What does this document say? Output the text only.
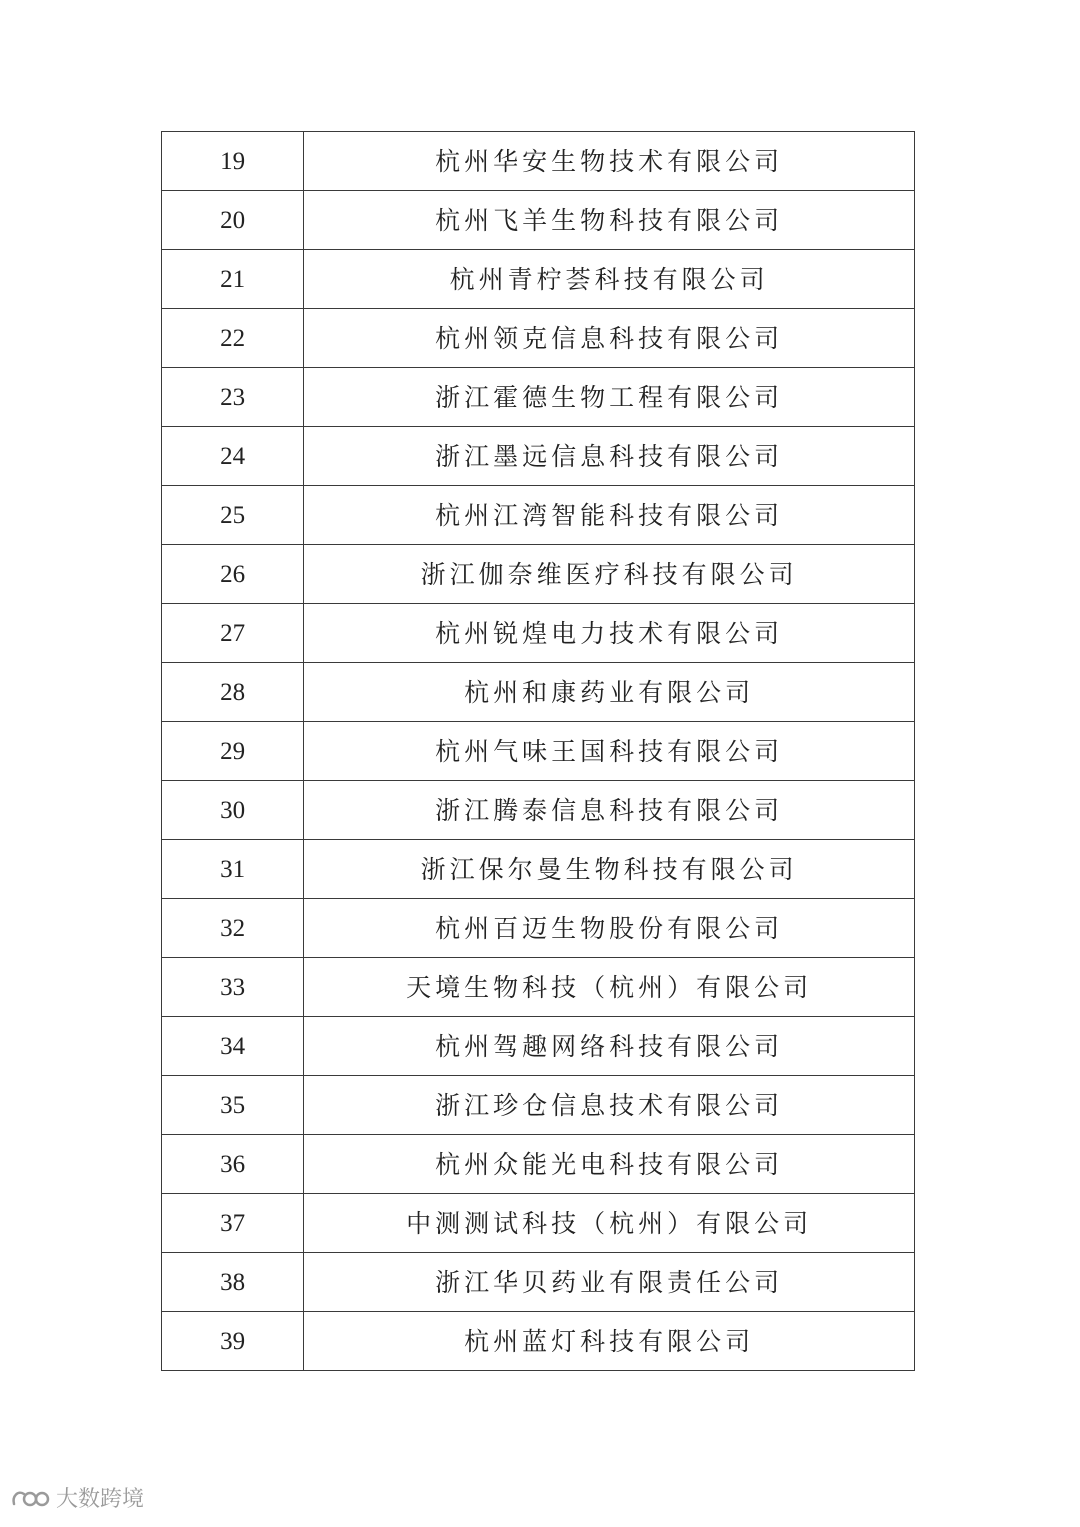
19	杭州华安生物技术有限公司
20	杭州飞羊生物科技有限公司
21	杭州青柠荟科技有限公司
22	杭州领克信息科技有限公司
23	浙江霍德生物工程有限公司
24	浙江墨远信息科技有限公司
25	杭州江湾智能科技有限公司
26	浙江伽奈维医疗科技有限公司
27	杭州锐煌电力技术有限公司
28	杭州和康药业有限公司
29	杭州气味王国科技有限公司
30	浙江腾泰信息科技有限公司
31	浙江保尔曼生物科技有限公司
32	杭州百迈生物股份有限公司
33	天境生物科技（杭州）有限公司
34	杭州驾趣网络科技有限公司
35	浙江珍仓信息技术有限公司
36	杭州众能光电科技有限公司
37	中测测试科技（杭州）有限公司
38	浙江华贝药业有限责任公司
39	杭州蓝灯科技有限公司
大数跨境
